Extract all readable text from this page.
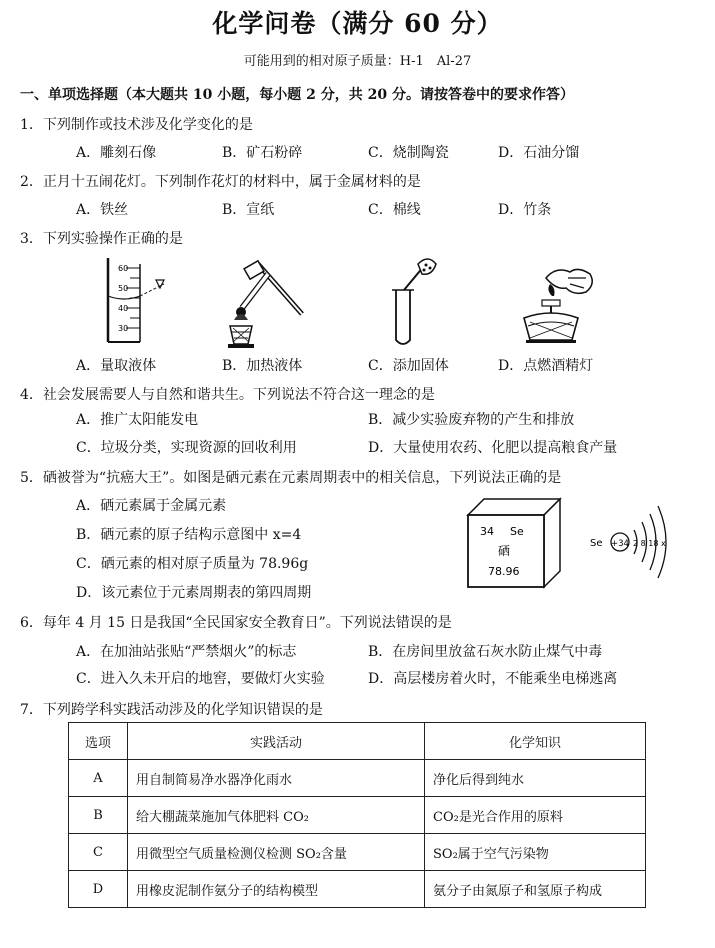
化学问卷（满分 60 分）
可能用到的相对原子质量：H-1　Al-27
一、单项选择题（本大题共 10 小题，每小题 2 分，共 20 分。请按答卷中的要求作答）
1．下列制作或技术涉及化学变化的是
A．雕刻石像	B．矿石粉碎	C．烧制陶瓷	D．石油分馏
2．正月十五闹花灯。下列制作花灯的材料中，属于金属材料的是
A．铁丝	B．宣纸	C．棉线	D．竹条
3．下列实验操作正确的是
60
50
40
30
A．量取液体	B．加热液体	C．添加固体	D．点燃酒精灯
4．社会发展需要人与自然和谐共生。下列说法不符合这一理念的是
A．推广太阳能发电	B．减少实验废弃物的产生和排放
C．垃圾分类，实现资源的回收利用	D．大量使用农药、化肥以提高粮食产量
5．硒被誉为“抗癌大王”。如图是硒元素在元素周期表中的相关信息，下列说法正确的是
A．硒元素属于金属元素
B．硒元素的原子结构示意图中 x=4
C．硒元素的相对原子质量为 78.96g
D．该元素位于元素周期表的第四周期
34 Se
硒
78.96
Se +34 2 8 18 x
6．每年 4 月 15 日是我国“全民国家安全教育日”。下列说法错误的是
A．在加油站张贴“严禁烟火”的标志	B．在房间里放盆石灰水防止煤气中毒
C．进入久未开启的地窖，要做灯火实验	D．高层楼房着火时，不能乘坐电梯逃离
7．下列跨学科实践活动涉及的化学知识错误的是
选项	实践活动	化学知识
A	用自制简易净水器净化雨水	净化后得到纯水
B	给大棚蔬菜施加气体肥料 CO₂	CO₂是光合作用的原料
C	用微型空气质量检测仪检测 SO₂含量	SO₂属于空气污染物
D	用橡皮泥制作氨分子的结构模型	氨分子由氮原子和氢原子构成
